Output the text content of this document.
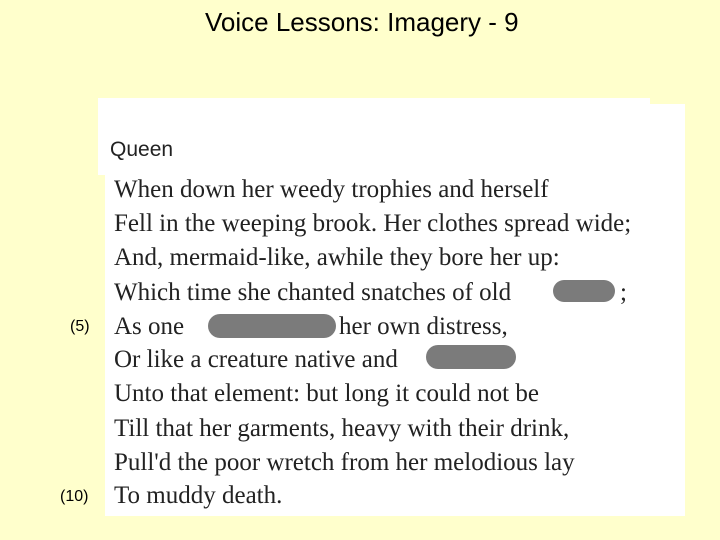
Voice Lessons: Imagery - 9
Queen
When down her weedy trophies and herself
Fell in the weeping brook. Her clothes spread wide;
And, mermaid-like, awhile they bore her up:
Which time she chanted snatches of old	;
As one	her own distress,
Or like a creature native and
Unto that element: but long it could not be
Till that her garments, heavy with their drink,
Pull'd the poor wretch from her melodious lay
To muddy death.
(5)
(10)
